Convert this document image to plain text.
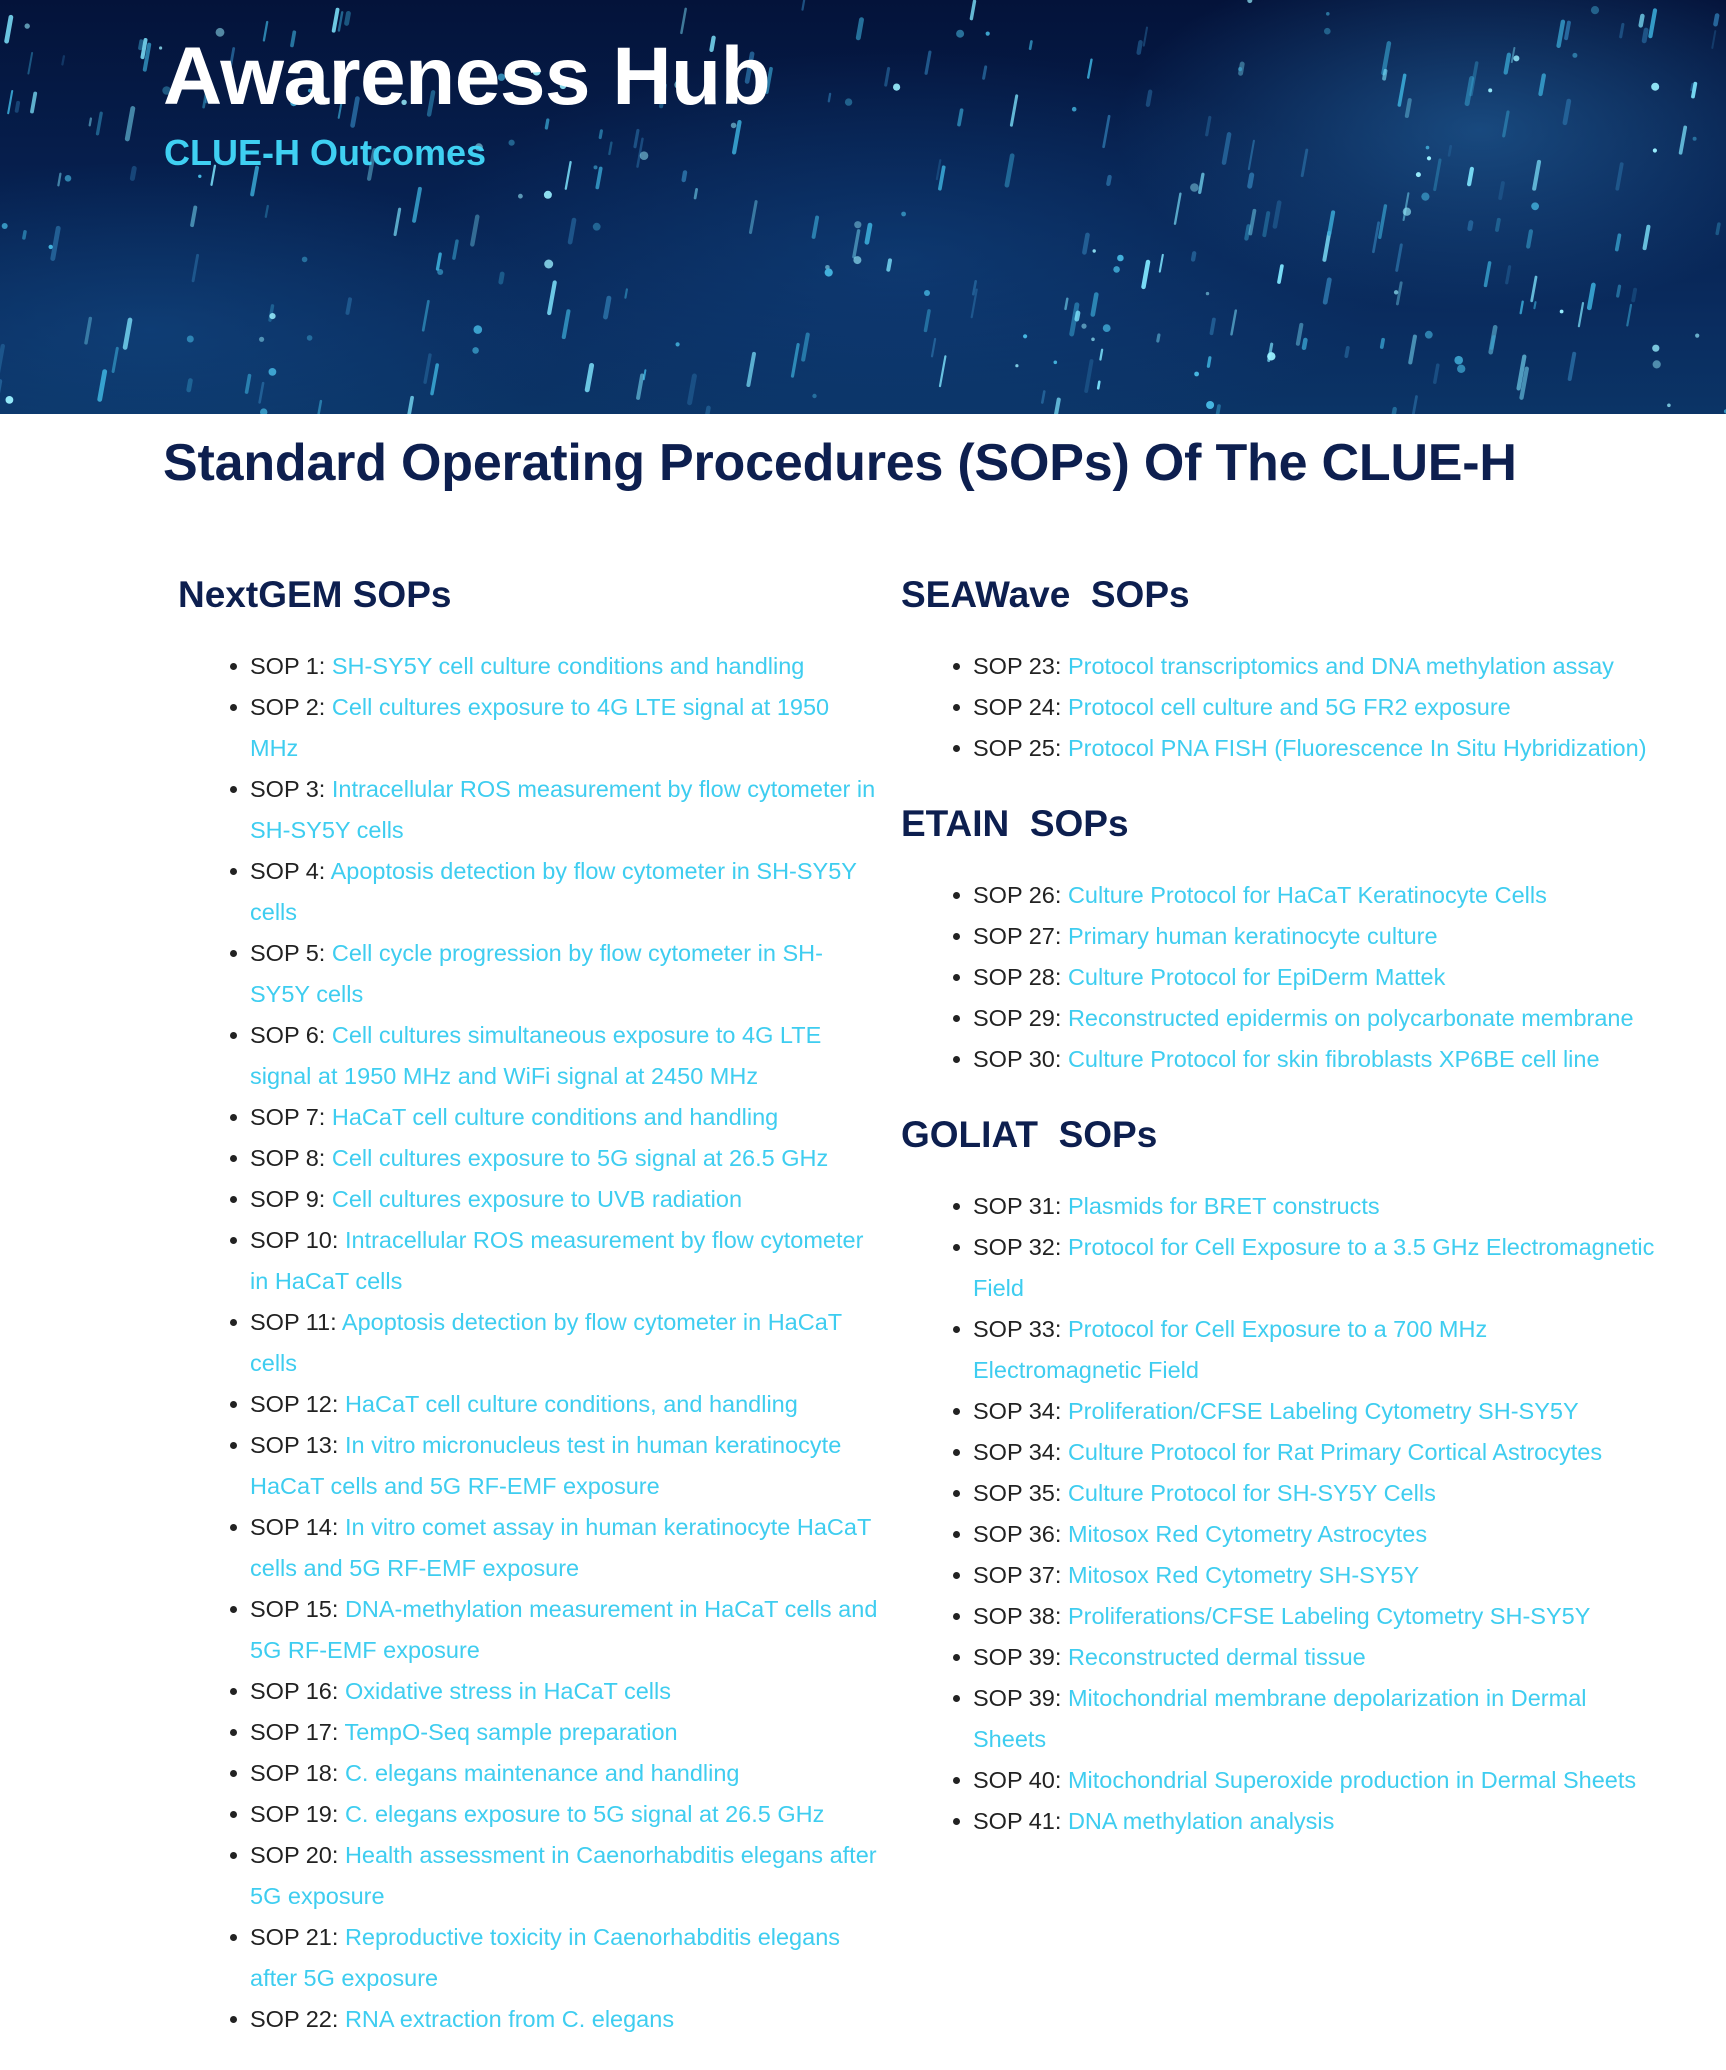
Awareness Hub
CLUE-H Outcomes
Standard Operating Procedures (SOPs) Of The CLUE-H
NextGEM SOPs
SOP 1: SH-SY5Y cell culture conditions and handling
SOP 2: Cell cultures exposure to 4G LTE signal at 1950 MHz
SOP 3: Intracellular ROS measurement by flow cytometer in SH-SY5Y cells
SOP 4: Apoptosis detection by flow cytometer in SH-SY5Y cells
SOP 5: Cell cycle progression by flow cytometer in SH-SY5Y cells
SOP 6: Cell cultures simultaneous exposure to 4G LTE signal at 1950 MHz and WiFi signal at 2450 MHz
SOP 7: HaCaT cell culture conditions and handling
SOP 8: Cell cultures exposure to 5G signal at 26.5 GHz
SOP 9: Cell cultures exposure to UVB radiation
SOP 10: Intracellular ROS measurement by flow cytometer in HaCaT cells
SOP 11: Apoptosis detection by flow cytometer in HaCaT cells
SOP 12: HaCaT cell culture conditions, and handling
SOP 13: In vitro micronucleus test in human keratinocyte HaCaT cells and 5G RF-EMF exposure
SOP 14: In vitro comet assay in human keratinocyte HaCaT cells and 5G RF-EMF exposure
SOP 15: DNA-methylation measurement in HaCaT cells and 5G RF-EMF exposure
SOP 16: Oxidative stress in HaCaT cells
SOP 17: TempO-Seq sample preparation
SOP 18: C. elegans maintenance and handling
SOP 19: C. elegans exposure to 5G signal at 26.5 GHz
SOP 20: Health assessment in Caenorhabditis elegans after 5G exposure
SOP 21: Reproductive toxicity in Caenorhabditis elegans after 5G exposure
SOP 22: RNA extraction from C. elegans
SEAWave  SOPs
SOP 23: Protocol transcriptomics and DNA methylation assay
SOP 24: Protocol cell culture and 5G FR2 exposure
SOP 25: Protocol PNA FISH (Fluorescence In Situ Hybridization)
ETAIN  SOPs
SOP 26: Culture Protocol for HaCaT Keratinocyte Cells
SOP 27: Primary human keratinocyte culture
SOP 28: Culture Protocol for EpiDerm Mattek
SOP 29: Reconstructed epidermis on polycarbonate membrane
SOP 30: Culture Protocol for skin fibroblasts XP6BE cell line
GOLIAT  SOPs
SOP 31: Plasmids for BRET constructs
SOP 32: Protocol for Cell Exposure to a 3.5 GHz Electromagnetic Field
SOP 33: Protocol for Cell Exposure to a 700 MHz Electromagnetic Field
SOP 34: Proliferation/CFSE Labeling Cytometry SH-SY5Y
SOP 34: Culture Protocol for Rat Primary Cortical Astrocytes
SOP 35: Culture Protocol for SH-SY5Y Cells
SOP 36: Mitosox Red Cytometry Astrocytes
SOP 37: Mitosox Red Cytometry SH-SY5Y
SOP 38: Proliferations/CFSE Labeling Cytometry SH-SY5Y
SOP 39: Reconstructed dermal tissue
SOP 39: Mitochondrial membrane depolarization in Dermal Sheets
SOP 40: Mitochondrial Superoxide production in Dermal Sheets
SOP 41: DNA methylation analysis
